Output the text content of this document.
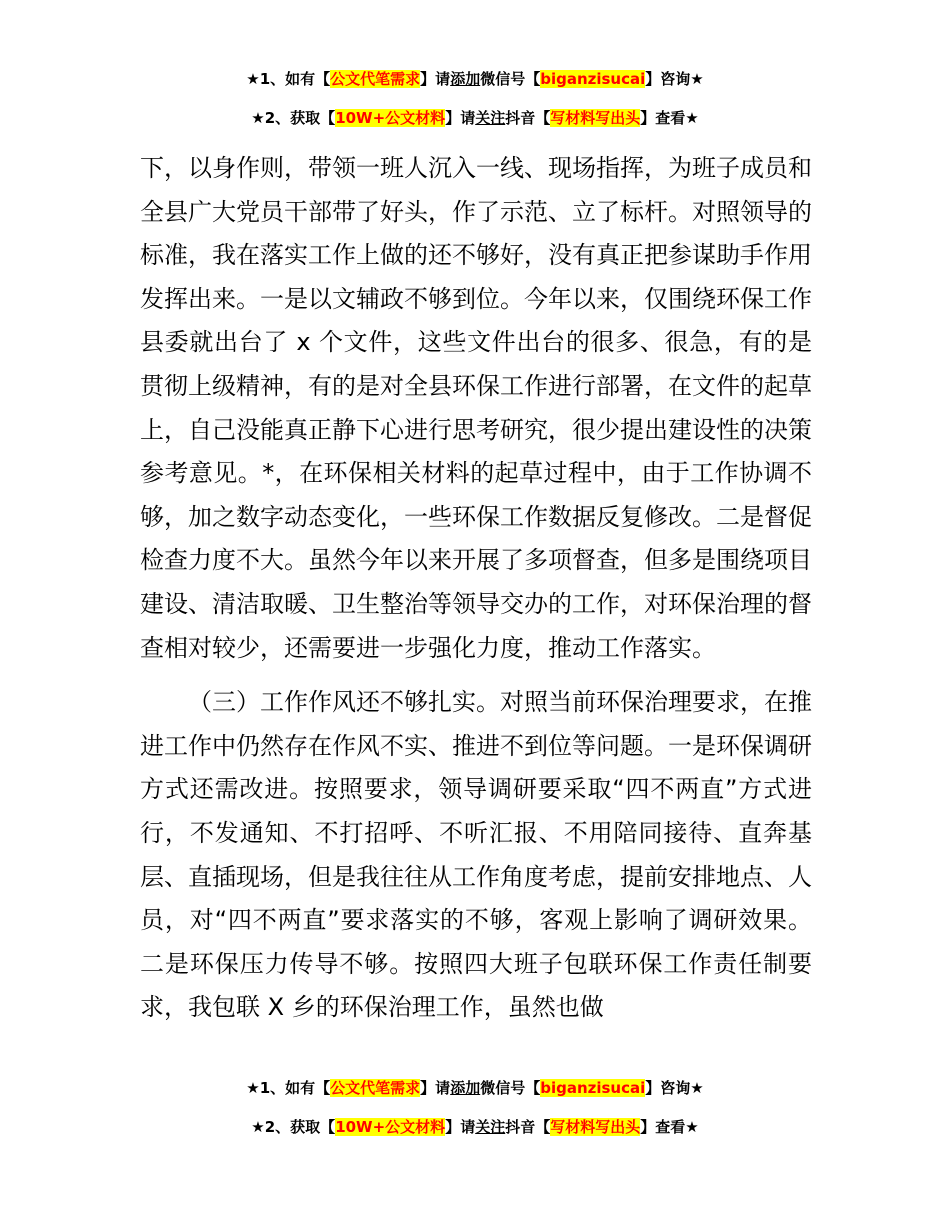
★1、如有【公文代笔需求】请添加微信号【biganzisucai】咨询★
★2、获取【10W+公文材料】请关注抖音【写材料写出头】查看★

下，以身作则，带领一班人沉入一线、现场指挥，为班子成员和全县广大党员干部带了好头，作了示范、立了标杆。对照领导的标准，我在落实工作上做的还不够好，没有真正把参谋助手作用发挥出来。一是以文辅政不够到位。今年以来，仅围绕环保工作县委就出台了 x 个文件，这些文件出台的很多、很急，有的是贯彻上级精神，有的是对全县环保工作进行部署，在文件的起草上，自己没能真正静下心进行思考研究，很少提出建设性的决策参考意见。*，在环保相关材料的起草过程中，由于工作协调不够，加之数字动态变化，一些环保工作数据反复修改。二是督促检查力度不大。虽然今年以来开展了多项督查，但多是围绕项目建设、清洁取暖、卫生整治等领导交办的工作，对环保治理的督查相对较少，还需要进一步强化力度，推动工作落实。

（三）工作作风还不够扎实。对照当前环保治理要求，在推进工作中仍然存在作风不实、推进不到位等问题。一是环保调研方式还需改进。按照要求，领导调研要采取“四不两直”方式进行，不发通知、不打招呼、不听汇报、不用陪同接待、直奔基层、直插现场，但是我往往从工作角度考虑，提前安排地点、人员，对“四不两直”要求落实的不够，客观上影响了调研效果。二是环保压力传导不够。按照四大班子包联环保工作责任制要求，我包联 X 乡的环保治理工作，虽然也做

★1、如有【公文代笔需求】请添加微信号【biganzisucai】咨询★
★2、获取【10W+公文材料】请关注抖音【写材料写出头】查看★
